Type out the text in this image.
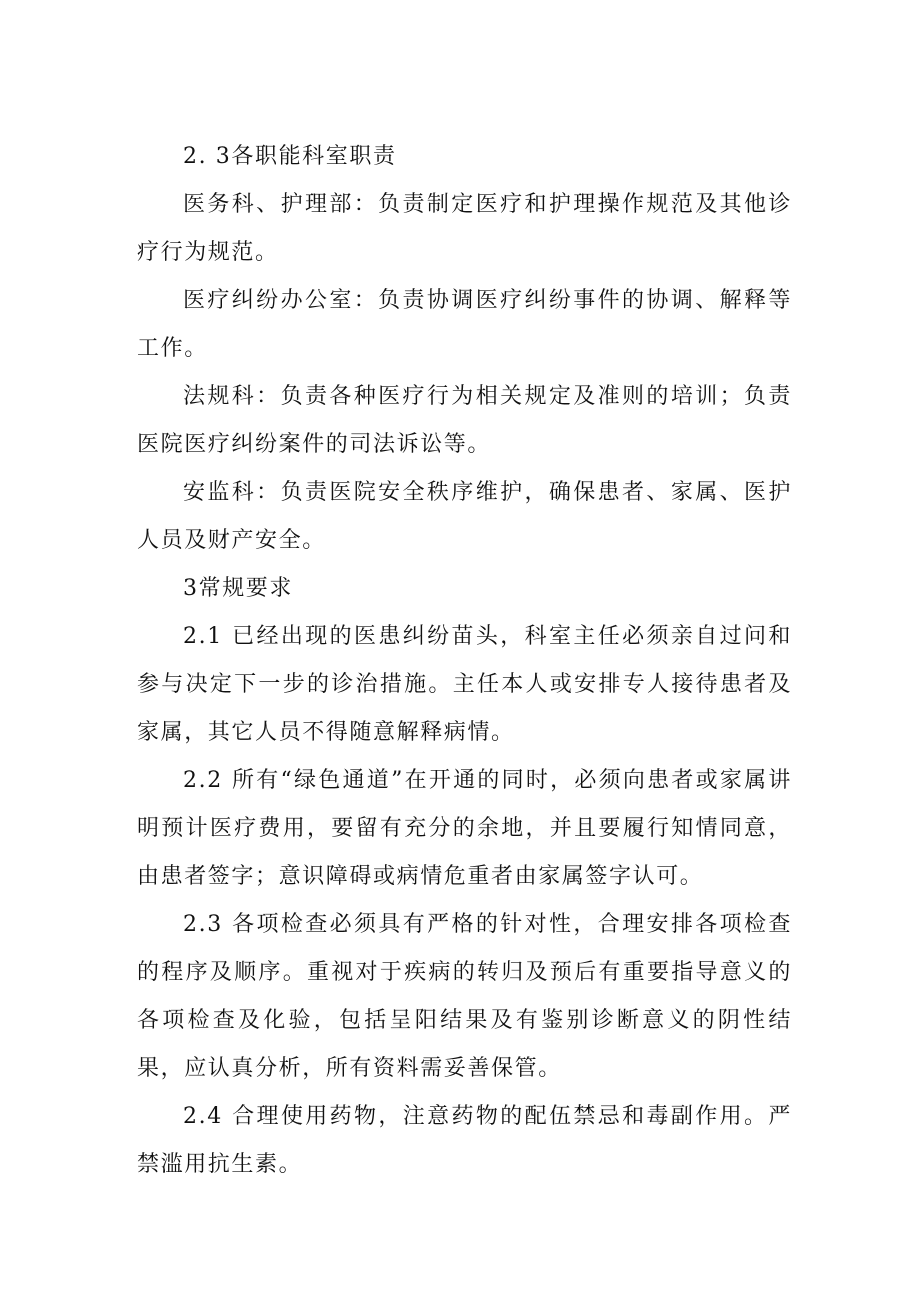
2. 3各职能科室职责

医务科、护理部：负责制定医疗和护理操作规范及其他诊疗行为规范。

医疗纠纷办公室：负责协调医疗纠纷事件的协调、解释等工作。

法规科：负责各种医疗行为相关规定及准则的培训；负责医院医疗纠纷案件的司法诉讼等。

安监科：负责医院安全秩序维护，确保患者、家属、医护人员及财产安全。

3常规要求

2.1 已经出现的医患纠纷苗头，科室主任必须亲自过问和参与决定下一步的诊治措施。主任本人或安排专人接待患者及家属，其它人员不得随意解释病情。

2.2 所有“绿色通道”在开通的同时，必须向患者或家属讲明预计医疗费用，要留有充分的余地，并且要履行知情同意，由患者签字；意识障碍或病情危重者由家属签字认可。

2.3 各项检查必须具有严格的针对性，合理安排各项检查的程序及顺序。重视对于疾病的转归及预后有重要指导意义的各项检查及化验，包括呈阳结果及有鉴别诊断意义的阴性结果，应认真分析，所有资料需妥善保管。

2.4 合理使用药物，注意药物的配伍禁忌和毒副作用。严禁滥用抗生素。
